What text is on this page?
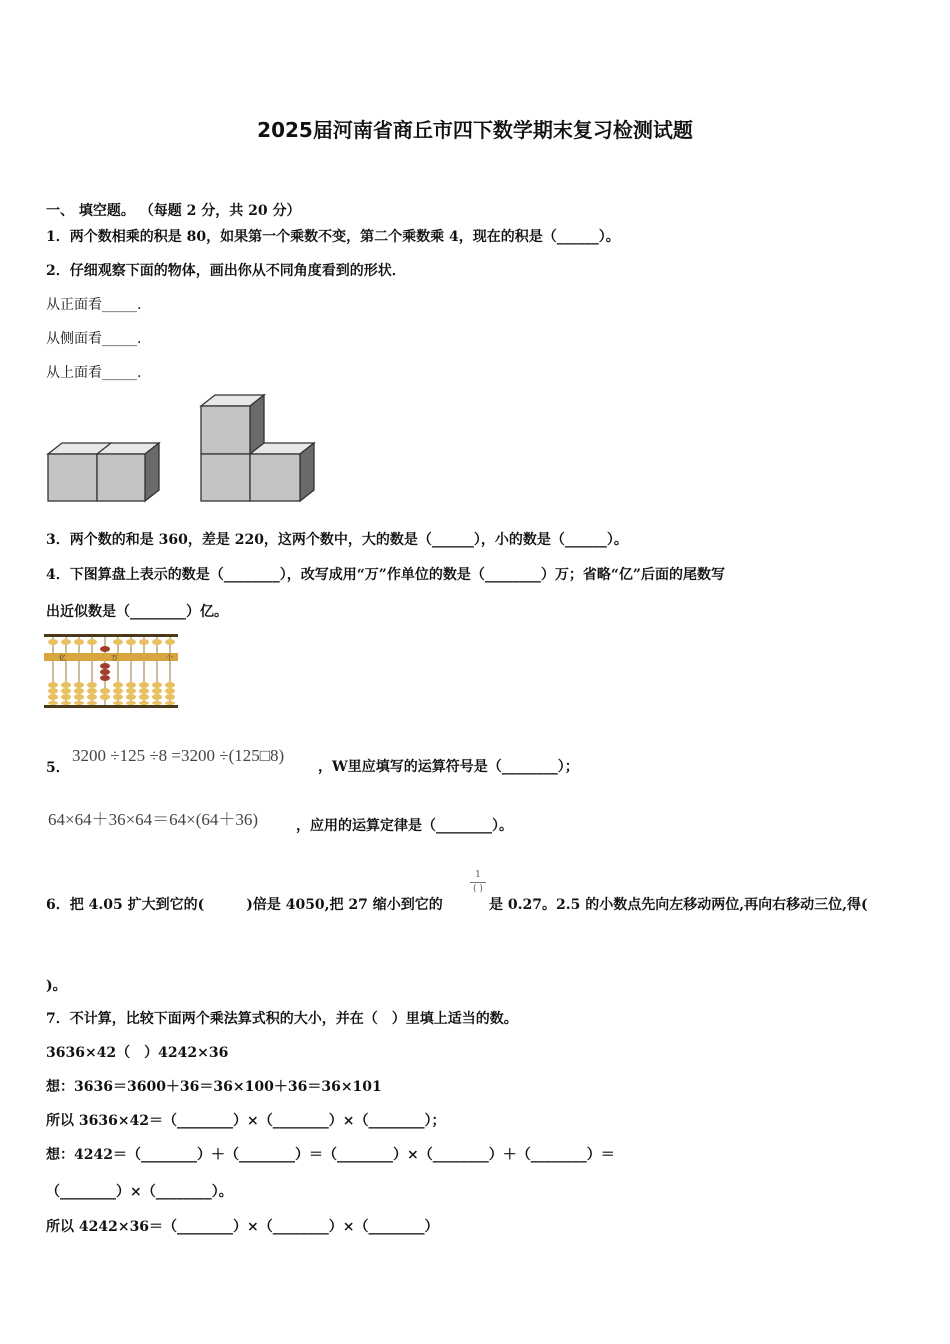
2025届河南省商丘市四下数学期末复习检测试题
一、 填空题。 （每题 2 分，共 20 分）
1．两个数相乘的积是 80，如果第一个乘数不变，第二个乘数乘 4，现在的积是（______）。
2．仔细观察下面的物体，画出你从不同角度看到的形状．
从正面看_____.
从侧面看_____.
从上面看_____.
3．两个数的和是 360，差是 220，这两个数中，大的数是（______），小的数是（______）。
4．下图算盘上表示的数是（________），改写成用“万”作单位的数是（________）万；省略“亿”后面的尾数写
出近似数是（________）亿。
亿	万	个
5．
3200 ÷125 ÷8 =3200 ÷(125□8)
，W里应填写的运算符号是（________）；
64×64＋36×64＝64×(64＋36)	，应用的运算定律是（________）。
6．把 4.05 扩大到它的(　　　)倍是 4050,把 27 缩小到它的
1
( )
是 0.27。2.5 的小数点先向左移动两位,再向右移动三位,得(
)。
7．不计算，比较下面两个乘法算式积的大小，并在（　）里填上适当的数。
3636×42（　）4242×36
想：3636＝3600＋36＝36×100＋36＝36×101
所以 3636×42＝（________）×（________）×（________）；
想：4242＝（________）＋（________）＝（________）×（________）＋（________）＝
（________）×（________）。
所以 4242×36＝（________）×（________）×（________）
